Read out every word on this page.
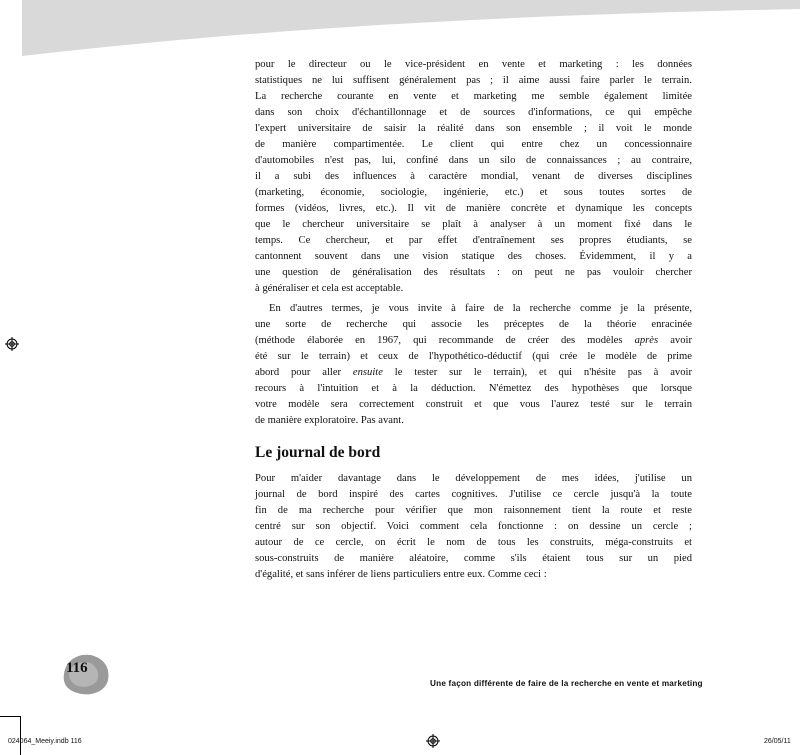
pour le directeur ou le vice-président en vente et marketing : les données
statistiques ne lui suffisent généralement pas ; il aime aussi faire parler le terrain.
La recherche courante en vente et marketing me semble également limitée
dans son choix d'échantillonnage et de sources d'informations, ce qui empêche
l'expert universitaire de saisir la réalité dans son ensemble ; il voit le monde
de manière compartimentée. Le client qui entre chez un concessionnaire
d'automobiles n'est pas, lui, confiné dans un silo de connaissances ; au contraire,
il a subi des influences à caractère mondial, venant de diverses disciplines
(marketing, économie, sociologie, ingénierie, etc.) et sous toutes sortes de
formes (vidéos, livres, etc.). Il vit de manière concrète et dynamique les concepts
que le chercheur universitaire se plaît à analyser à un moment fixé dans le
temps. Ce chercheur, et par effet d'entraînement ses propres étudiants, se
cantonnent souvent dans une vision statique des choses. Évidemment, il y a
une question de généralisation des résultats : on peut ne pas vouloir chercher
à généraliser et cela est acceptable.
En d'autres termes, je vous invite à faire de la recherche comme je la présente,
une sorte de recherche qui associe les préceptes de la théorie enracinée
(méthode élaborée en 1967, qui recommande de créer des modèles après avoir
été sur le terrain) et ceux de l'hypothético-déductif (qui crée le modèle de prime
abord pour aller ensuite le tester sur le terrain), et qui n'hésite pas à avoir
recours à l'intuition et à la déduction. N'émettez des hypothèses que lorsque
votre modèle sera correctement construit et que vous l'aurez testé sur le terrain
de manière exploratoire. Pas avant.
Le journal de bord
Pour m'aider davantage dans le développement de mes idées, j'utilise un
journal de bord inspiré des cartes cognitives. J'utilise ce cercle jusqu'à la toute
fin de ma recherche pour vérifier que mon raisonnement tient la route et reste
centré sur son objectif. Voici comment cela fonctionne : on dessine un cercle ;
autour de ce cercle, on écrit le nom de tous les construits, méga-construits et
sous-construits de manière aléatoire, comme s'ils étaient tous sur un pied
d'égalité, et sans inférer de liens particuliers entre eux. Comme ceci :
116
Une façon différente de faire de la recherche en vente et marketing
024064_Meeiy.indb 116	26/05/11
